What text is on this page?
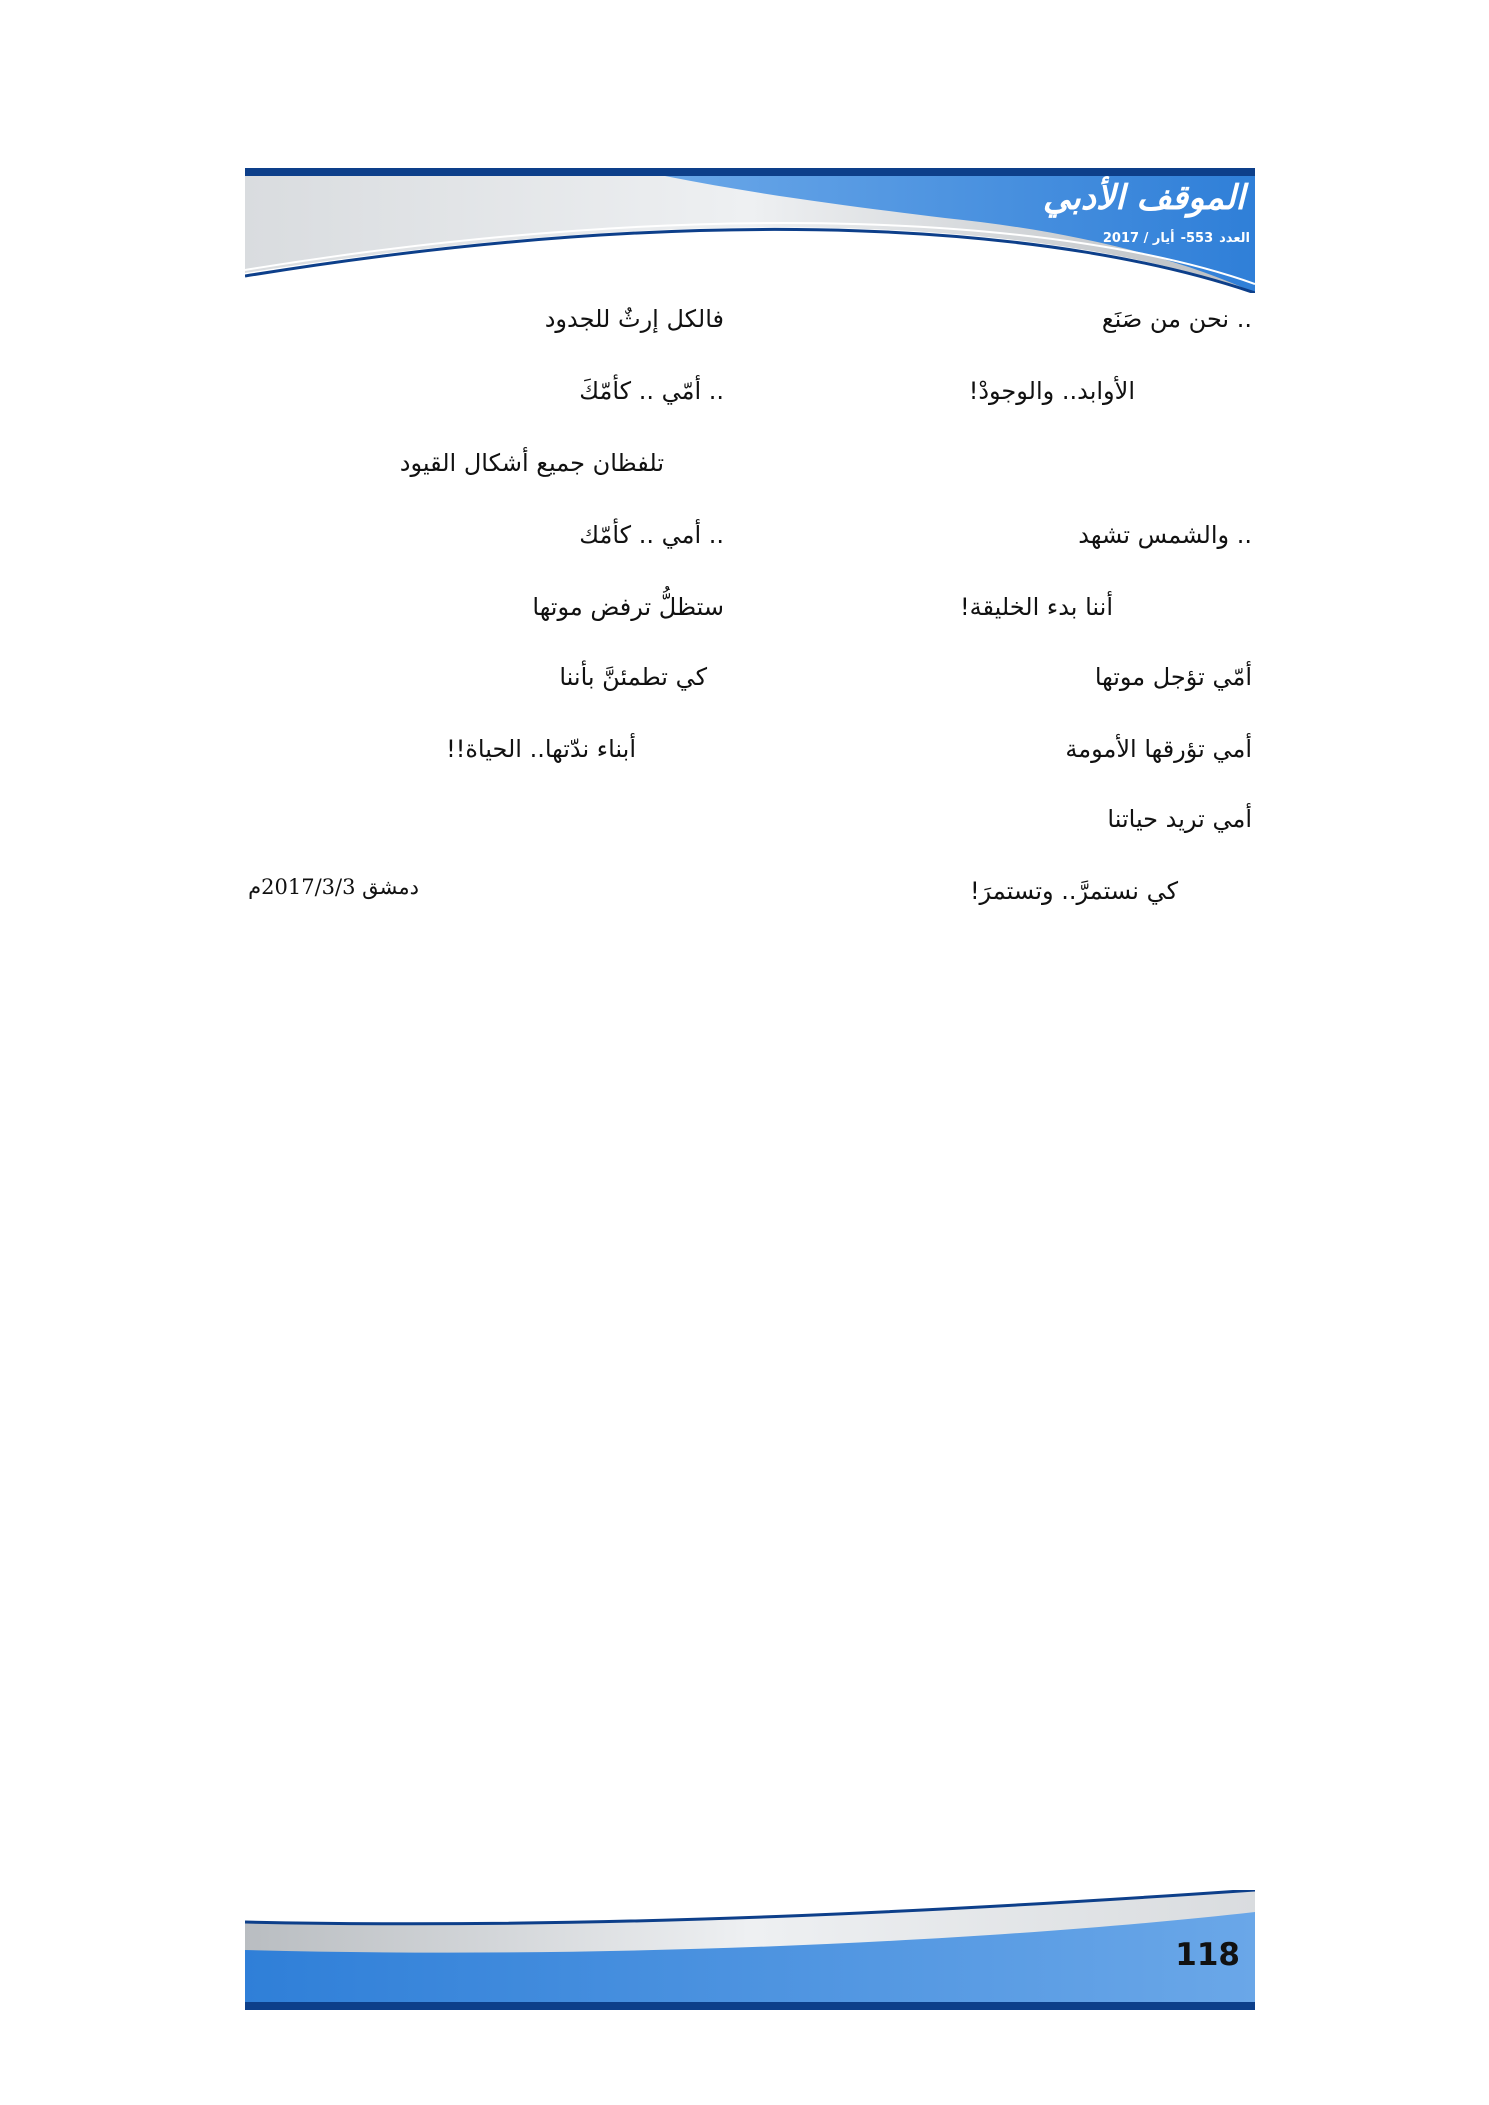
الموقف الأدبي
العدد553-أيار / 2017
.. نحن من صَنَع
الأوابد.. والوجودْ!
.. والشمس تشهد
أننا بدء الخليقة!
أمّي تؤجل موتها
أمي تؤرقها الأمومة
أمي تريد حياتنا
كي نستمرَّ.. وتستمرَ!
فالكل إرثٌ للجدود
.. أمّي .. كأمّكَ
تلفظان جميع أشكال القيود
.. أمي .. كأمّك
ستظلُّ ترفض موتها
كي تطمئنَّ بأننا
أبناء ندّتها.. الحياة!!
دمشق 2017/3/3م
118
